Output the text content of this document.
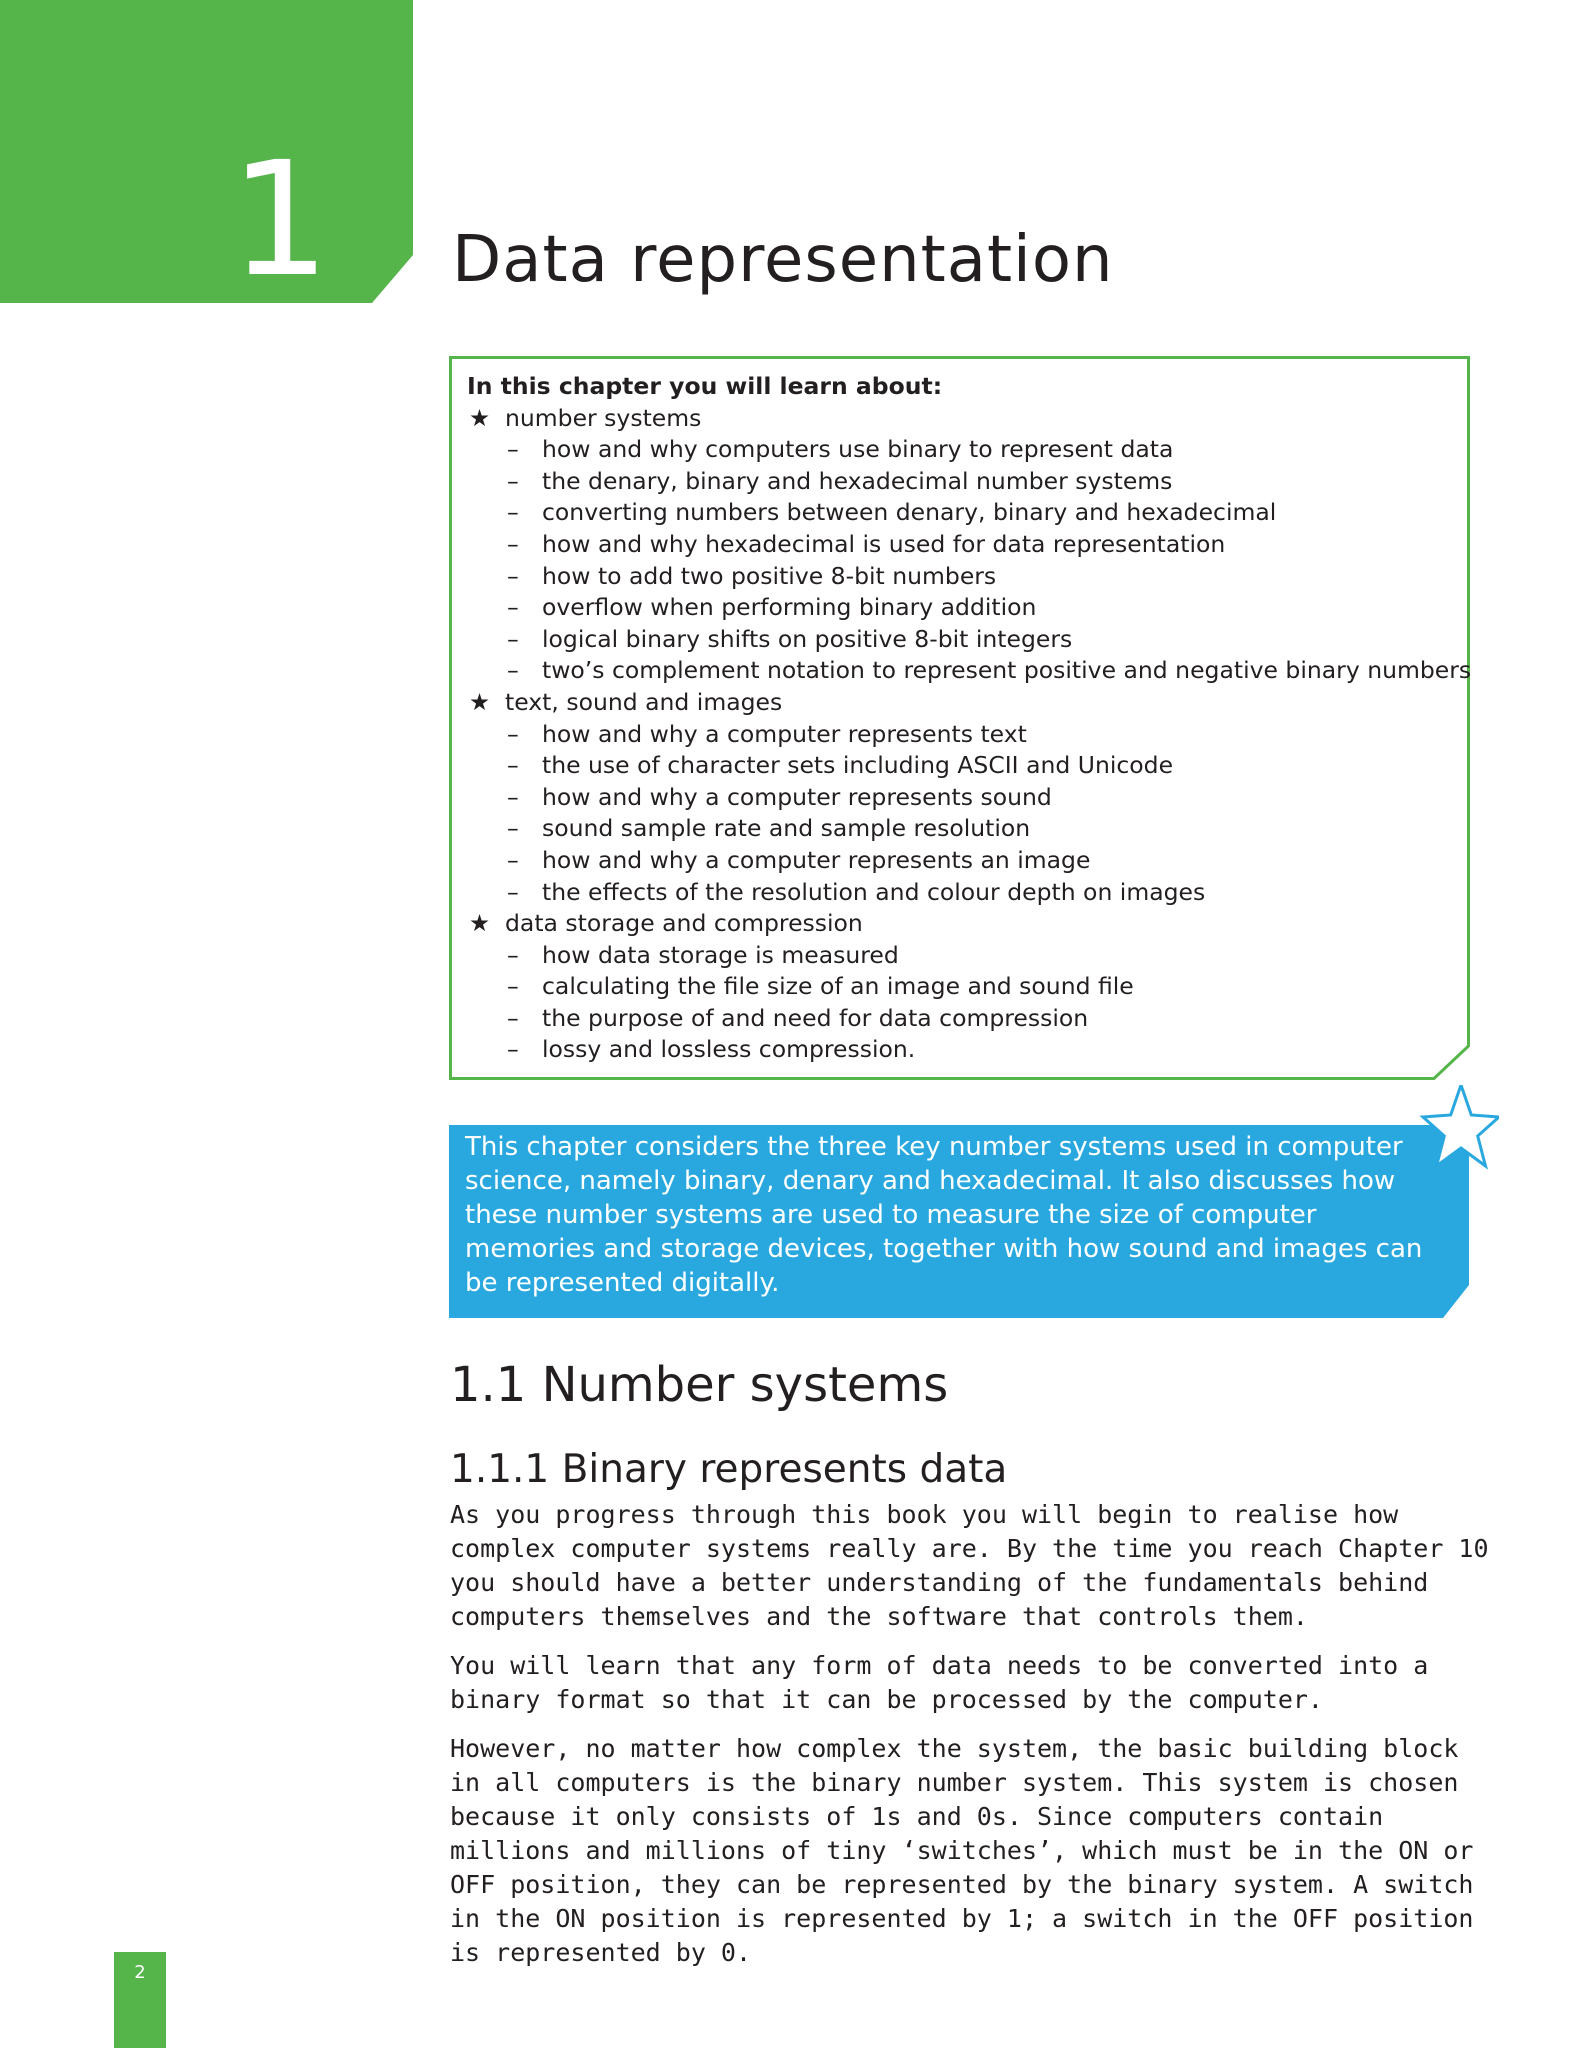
1 Data representation
In this chapter you will learn about:
★ number systems
– how and why computers use binary to represent data
– the denary, binary and hexadecimal number systems
– converting numbers between denary, binary and hexadecimal
– how and why hexadecimal is used for data representation
– how to add two positive 8-bit numbers
– overflow when performing binary addition
– logical binary shifts on positive 8-bit integers
– two’s complement notation to represent positive and negative binary numbers
★ text, sound and images
– how and why a computer represents text
– the use of character sets including ASCII and Unicode
– how and why a computer represents sound
– sound sample rate and sample resolution
– how and why a computer represents an image
– the effects of the resolution and colour depth on images
★ data storage and compression
– how data storage is measured
– calculating the file size of an image and sound file
– the purpose of and need for data compression
– lossy and lossless compression.

This chapter considers the three key number systems used in computer science, namely binary, denary and hexadecimal. It also discusses how these number systems are used to measure the size of computer memories and storage devices, together with how sound and images can be represented digitally.

1.1 Number systems
1.1.1 Binary represents data

As you progress through this book you will begin to realise how complex computer systems really are. By the time you reach Chapter 10 you should have a better understanding of the fundamentals behind computers themselves and the software that controls them.

You will learn that any form of data needs to be converted into a binary format so that it can be processed by the computer.

However, no matter how complex the system, the basic building block in all computers is the binary number system. This system is chosen because it only consists of 1s and 0s. Since computers contain millions and millions of tiny ‘switches’, which must be in the ON or OFF position, they can be represented by the binary system. A switch in the ON position is represented by 1; a switch in the OFF position is represented by 0.

2
